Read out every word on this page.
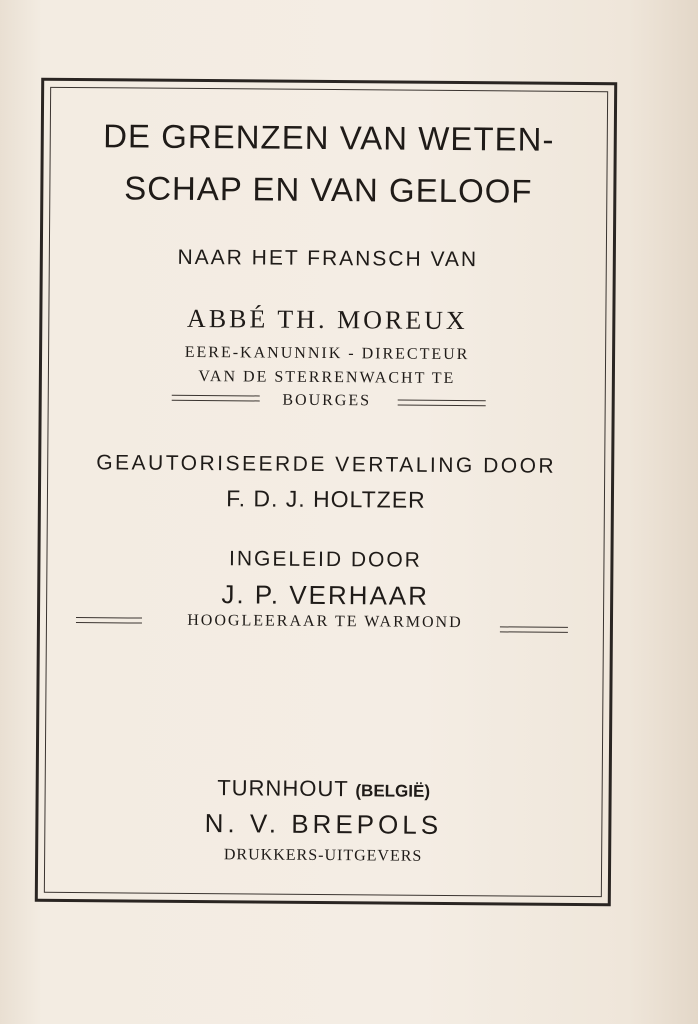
DE GRENZEN VAN WETEN-
SCHAP EN VAN GELOOF
NAAR HET FRANSCH VAN
ABBÉ TH. MOREUX
EERE-KANUNNIK - DIRECTEUR
VAN DE STERRENWACHT TE
BOURGES
GEAUTORISEERDE VERTALING DOOR
F. D. J. HOLTZER
INGELEID DOOR
J. P. VERHAAR
HOOGLEERAAR TE WARMOND
TURNHOUT (BELGIË)
N. V. BREPOLS
DRUKKERS-UITGEVERS
